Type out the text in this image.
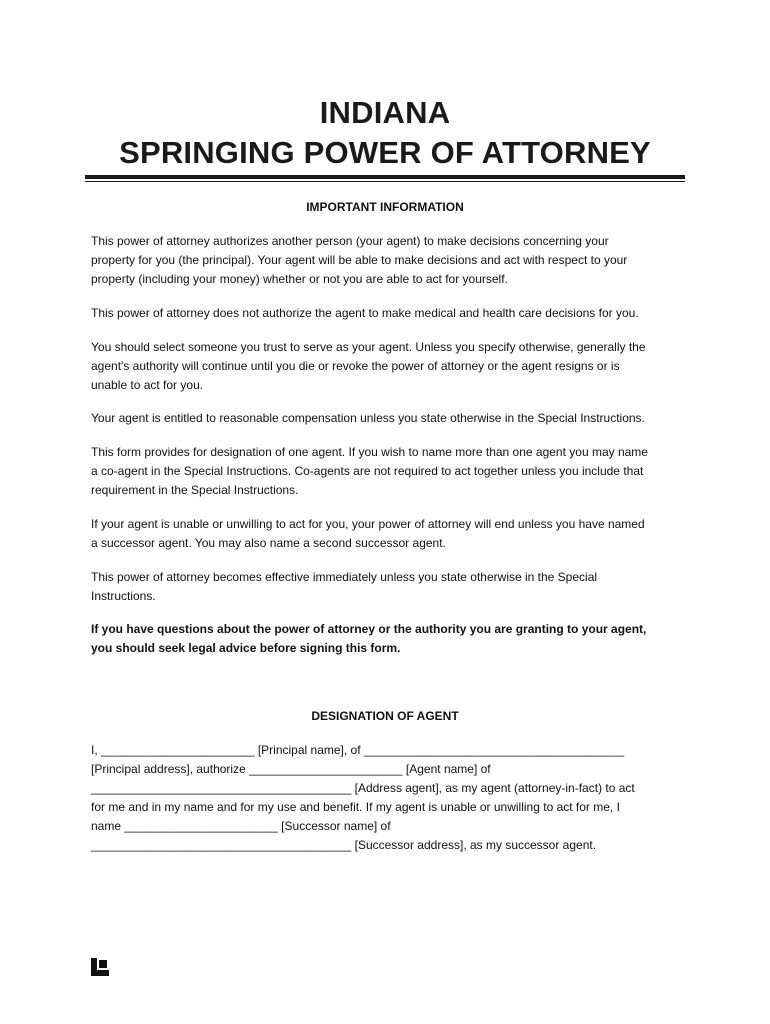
INDIANA
SPRINGING POWER OF ATTORNEY
IMPORTANT INFORMATION

This power of attorney authorizes another person (your agent) to make decisions concerning your
property for you (the principal). Your agent will be able to make decisions and act with respect to your
property (including your money) whether or not you are able to act for yourself.

This power of attorney does not authorize the agent to make medical and health care decisions for you.

You should select someone you trust to serve as your agent. Unless you specify otherwise, generally the
agent's authority will continue until you die or revoke the power of attorney or the agent resigns or is
unable to act for you.

Your agent is entitled to reasonable compensation unless you state otherwise in the Special Instructions.

This form provides for designation of one agent. If you wish to name more than one agent you may name
a co-agent in the Special Instructions. Co-agents are not required to act together unless you include that
requirement in the Special Instructions.

If your agent is unable or unwilling to act for you, your power of attorney will end unless you have named
a successor agent. You may also name a second successor agent.

This power of attorney becomes effective immediately unless you state otherwise in the Special
Instructions.

If you have questions about the power of attorney or the authority you are granting to your agent,
you should seek legal advice before signing this form.

DESIGNATION OF AGENT

I, _______________________ [Principal name], of _______________________________________
[Principal address], authorize _______________________ [Agent name] of
_______________________________________ [Address agent], as my agent (attorney-in-fact) to act
for me and in my name and for my use and benefit. If my agent is unable or unwilling to act for me, I
name _______________________ [Successor name] of
_______________________________________ [Successor address], as my successor agent.
